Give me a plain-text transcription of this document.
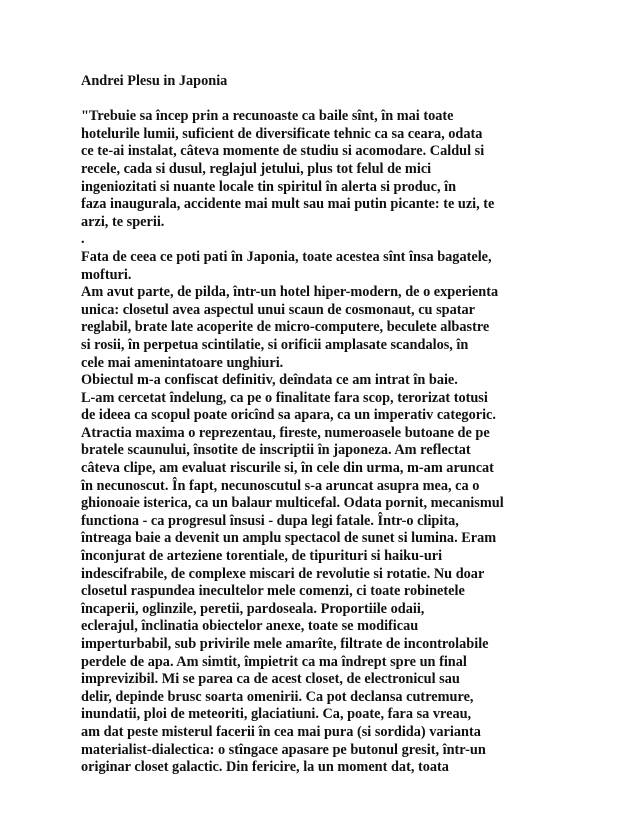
Andrei Plesu in Japonia
"Trebuie sa încep prin a recunoaste ca baile sînt, în mai toate
hotelurile lumii, suficient de diversificate tehnic ca sa ceara, odata
ce te-ai instalat, câteva momente de studiu si acomodare. Caldul si
recele, cada si dusul, reglajul jetului, plus tot felul de mici
ingeniozitati si nuante locale tin spiritul în alerta si produc, în
faza inaugurala, accidente mai mult sau mai putin picante: te uzi, te
arzi, te sperii.
.
Fata de ceea ce poti pati în Japonia, toate acestea sînt însa bagatele,
mofturi.
Am avut parte, de pilda, într-un hotel hiper-modern, de o experienta
unica: closetul avea aspectul unui scaun de cosmonaut, cu spatar
reglabil, brate late acoperite de micro-computere, beculete albastre
si rosii, în perpetua scintilatie, si orificii amplasate scandalos, în
cele mai amenintatoare unghiuri.
Obiectul m-a confiscat definitiv, deîndata ce am intrat în baie.
L-am cercetat îndelung, ca pe o finalitate fara scop, terorizat totusi
de ideea ca scopul poate oricînd sa apara, ca un imperativ categoric.
Atractia maxima o reprezentau, fireste, numeroasele butoane de pe
bratele scaunului, însotite de inscriptii în japoneza. Am reflectat
câteva clipe, am evaluat riscurile si, în cele din urma, m-am aruncat
în necunoscut. În fapt, necunoscutul s-a aruncat asupra mea, ca o
ghionoaie isterica, ca un balaur multicefal. Odata pornit, mecanismul
functiona - ca progresul însusi - dupa legi fatale. Într-o clipita,
întreaga baie a devenit un amplu spectacol de sunet si lumina. Eram
înconjurat de arteziene torentiale, de tipuriturі si haiku-uri
indescifrabile, de complexe miscari de revolutie si rotatie. Nu doar
closetul raspundea inecultelor mele comenzi, ci toate robinetele
încaperii, oglinzile, peretii, pardoseala. Proportiile odaii,
eclerajul, înclinatia obiectelor anexe, toate se modificau
imperturbabil, sub privirile mele amarîte, filtrate de incontrolabile
perdele de apa. Am simtit, împietrit ca ma îndrept spre un final
imprevizibil. Mi se parea ca de acest closet, de electronicul sau
delir, depinde brusc soarta omenirii. Ca pot declansa cutremure,
inundatii, ploi de meteoriti, glaciatiuni. Ca, poate, fara sa vreau,
am dat peste misterul facerii în cea mai pura (si sordida) varianta
materialist-dialectica: o stîngace apasare pe butonul gresit, într-un
originar closet galactic. Din fericire, la un moment dat, toata
